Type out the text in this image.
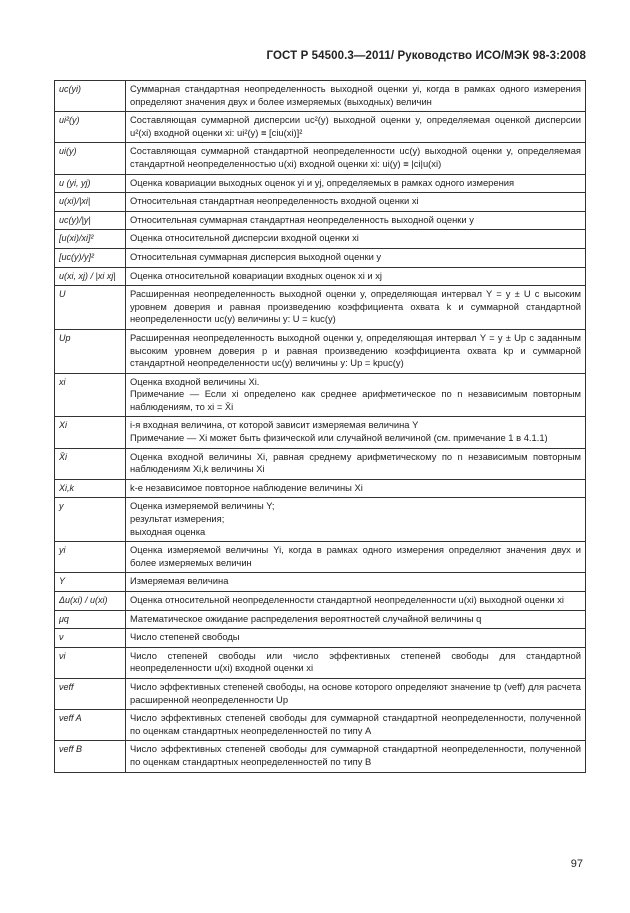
ГОСТ Р 54500.3—2011/ Руководство ИСО/МЭК 98-3:2008
uc(yi)	Суммарная стандартная неопределенность выходной оценки yi, когда в рамках одного измерения определяют значения двух и более измеряемых (выходных) величин

ui²(y)	Составляющая суммарной дисперсии uc²(y) выходной оценки y, определяемая оценкой дисперсии u²(xi) входной оценки xi: ui²(y) ≡ [ciu(xi)]²

ui(y)	Составляющая суммарной стандартной неопределенности uc(y) выходной оценки y, определяемая стандартной неопределенностью u(xi) входной оценки xi: ui(y) ≡ |ci|u(xi)

u (yi, yj)	Оценка ковариации выходных оценок yi и yj, определяемых в рамках одного измерения

u(xi)/|xi|	Относительная стандартная неопределенность входной оценки xi

uc(y)/|y|	Относительная суммарная стандартная неопределенность выходной оценки y

[u(xi)/xi]²	Оценка относительной дисперсии входной оценки xi

[uc(y)/y]²	Относительная суммарная дисперсия выходной оценки y

u(xi, xj) / |xi xj|	Оценка относительной ковариации входных оценок xi и xj

U	Расширенная неопределенность выходной оценки y, определяющая интервал Y = y ± U с высоким уровнем доверия и равная произведению коэффициента охвата k и суммарной стандартной неопределенности uc(y) величины y: U = kuc(y)

Up	Расширенная неопределенность выходной оценки y, определяющая интервал Y = y ± Up с заданным высоким уровнем доверия p и равная произведению коэффициента охвата kp и суммарной стандартной неопределенности uc(y) величины y: Up = kpuc(y)

xi	Оценка входной величины Xi.
Примечание — Если xi определено как среднее арифметическое по n независимым повторным наблюдениям, то xi = X̄i

Xi	i-я входная величина, от которой зависит измеряемая величина Y
Примечание — Xi может быть физической или случайной величиной (см. примечание 1 в 4.1.1)

X̄i	Оценка входной величины Xi, равная среднему арифметическому по n независимым повторным наблюдениям Xi,k величины Xi

Xi,k	k-е независимое повторное наблюдение величины Xi

y	Оценка измеряемой величины Y;
результат измерения;
выходная оценка

yi	Оценка измеряемой величины Yi, когда в рамках одного измерения определяют значения двух и более измеряемых величин

Y	Измеряемая величина

Δu(xi) / u(xi)	Оценка относительной неопределенности стандартной неопределенности u(xi) выходной оценки xi

μq	Математическое ожидание распределения вероятностей случайной величины q

ν	Число степеней свободы

νi	Число степеней свободы или число эффективных степеней свободы для стандартной неопределенности u(xi) входной оценки xi

νeff	Число эффективных степеней свободы, на основе которого определяют значение tp (νeff) для расчета расширенной неопределенности Up

νeff A	Число эффективных степеней свободы для суммарной стандартной неопределенности, полученной по оценкам стандартных неопределенностей по типу A

νeff B	Число эффективных степеней свободы для суммарной стандартной неопределенности, полученной по оценкам стандартных неопределенностей по типу B
97
